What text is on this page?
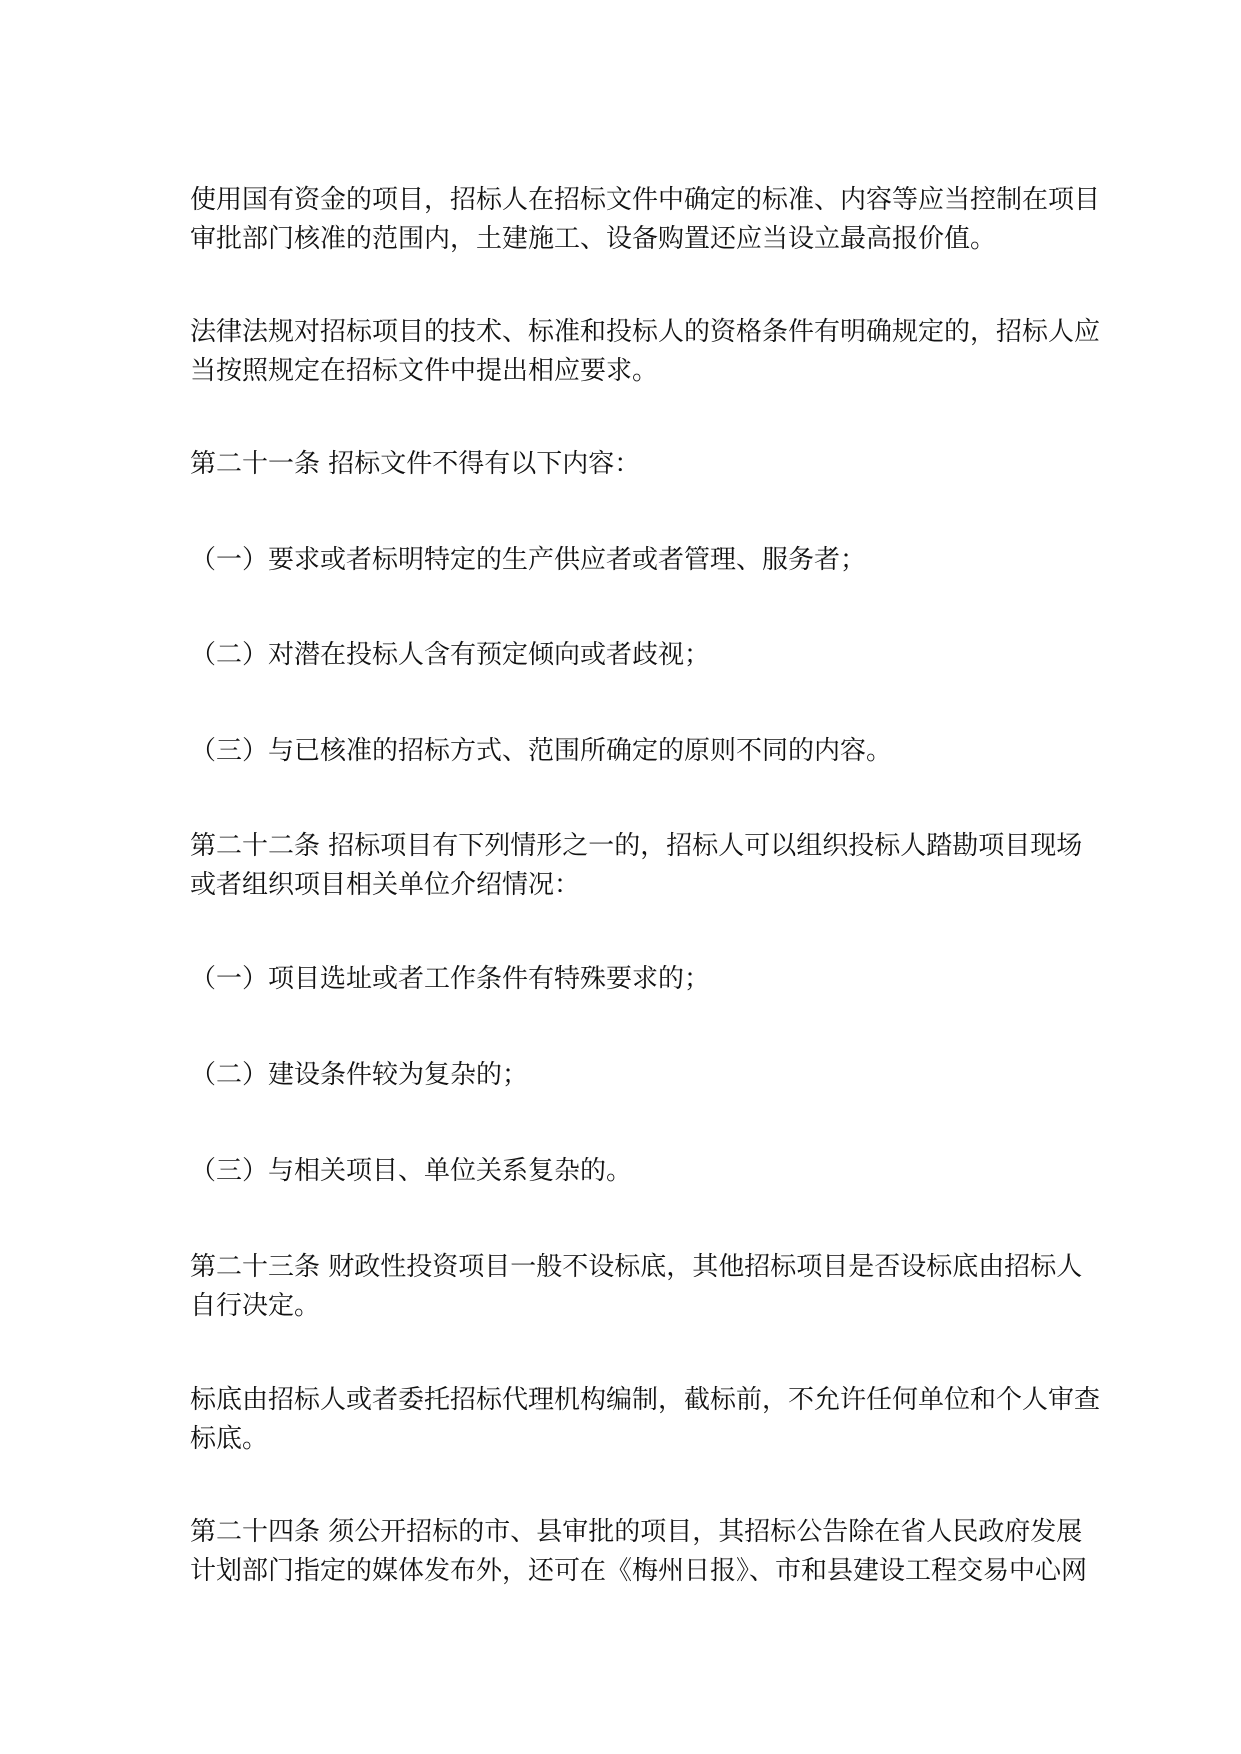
使用国有资金的项目，招标人在招标文件中确定的标准、内容等应当控制在项目
审批部门核准的范围内，土建施工、设备购置还应当设立最高报价值。

法律法规对招标项目的技术、标准和投标人的资格条件有明确规定的，招标人应
当按照规定在招标文件中提出相应要求。

第二十一条 招标文件不得有以下内容：

（一）要求或者标明特定的生产供应者或者管理、服务者；

（二）对潜在投标人含有预定倾向或者歧视；

（三）与已核准的招标方式、范围所确定的原则不同的内容。

第二十二条 招标项目有下列情形之一的，招标人可以组织投标人踏勘项目现场
或者组织项目相关单位介绍情况：

（一）项目选址或者工作条件有特殊要求的；

（二）建设条件较为复杂的；

（三）与相关项目、单位关系复杂的。

第二十三条 财政性投资项目一般不设标底，其他招标项目是否设标底由招标人
自行决定。

标底由招标人或者委托招标代理机构编制，截标前，不允许任何单位和个人审查
标底。

第二十四条 须公开招标的市、县审批的项目，其招标公告除在省人民政府发展
计划部门指定的媒体发布外，还可在《梅州日报》、市和县建设工程交易中心网
